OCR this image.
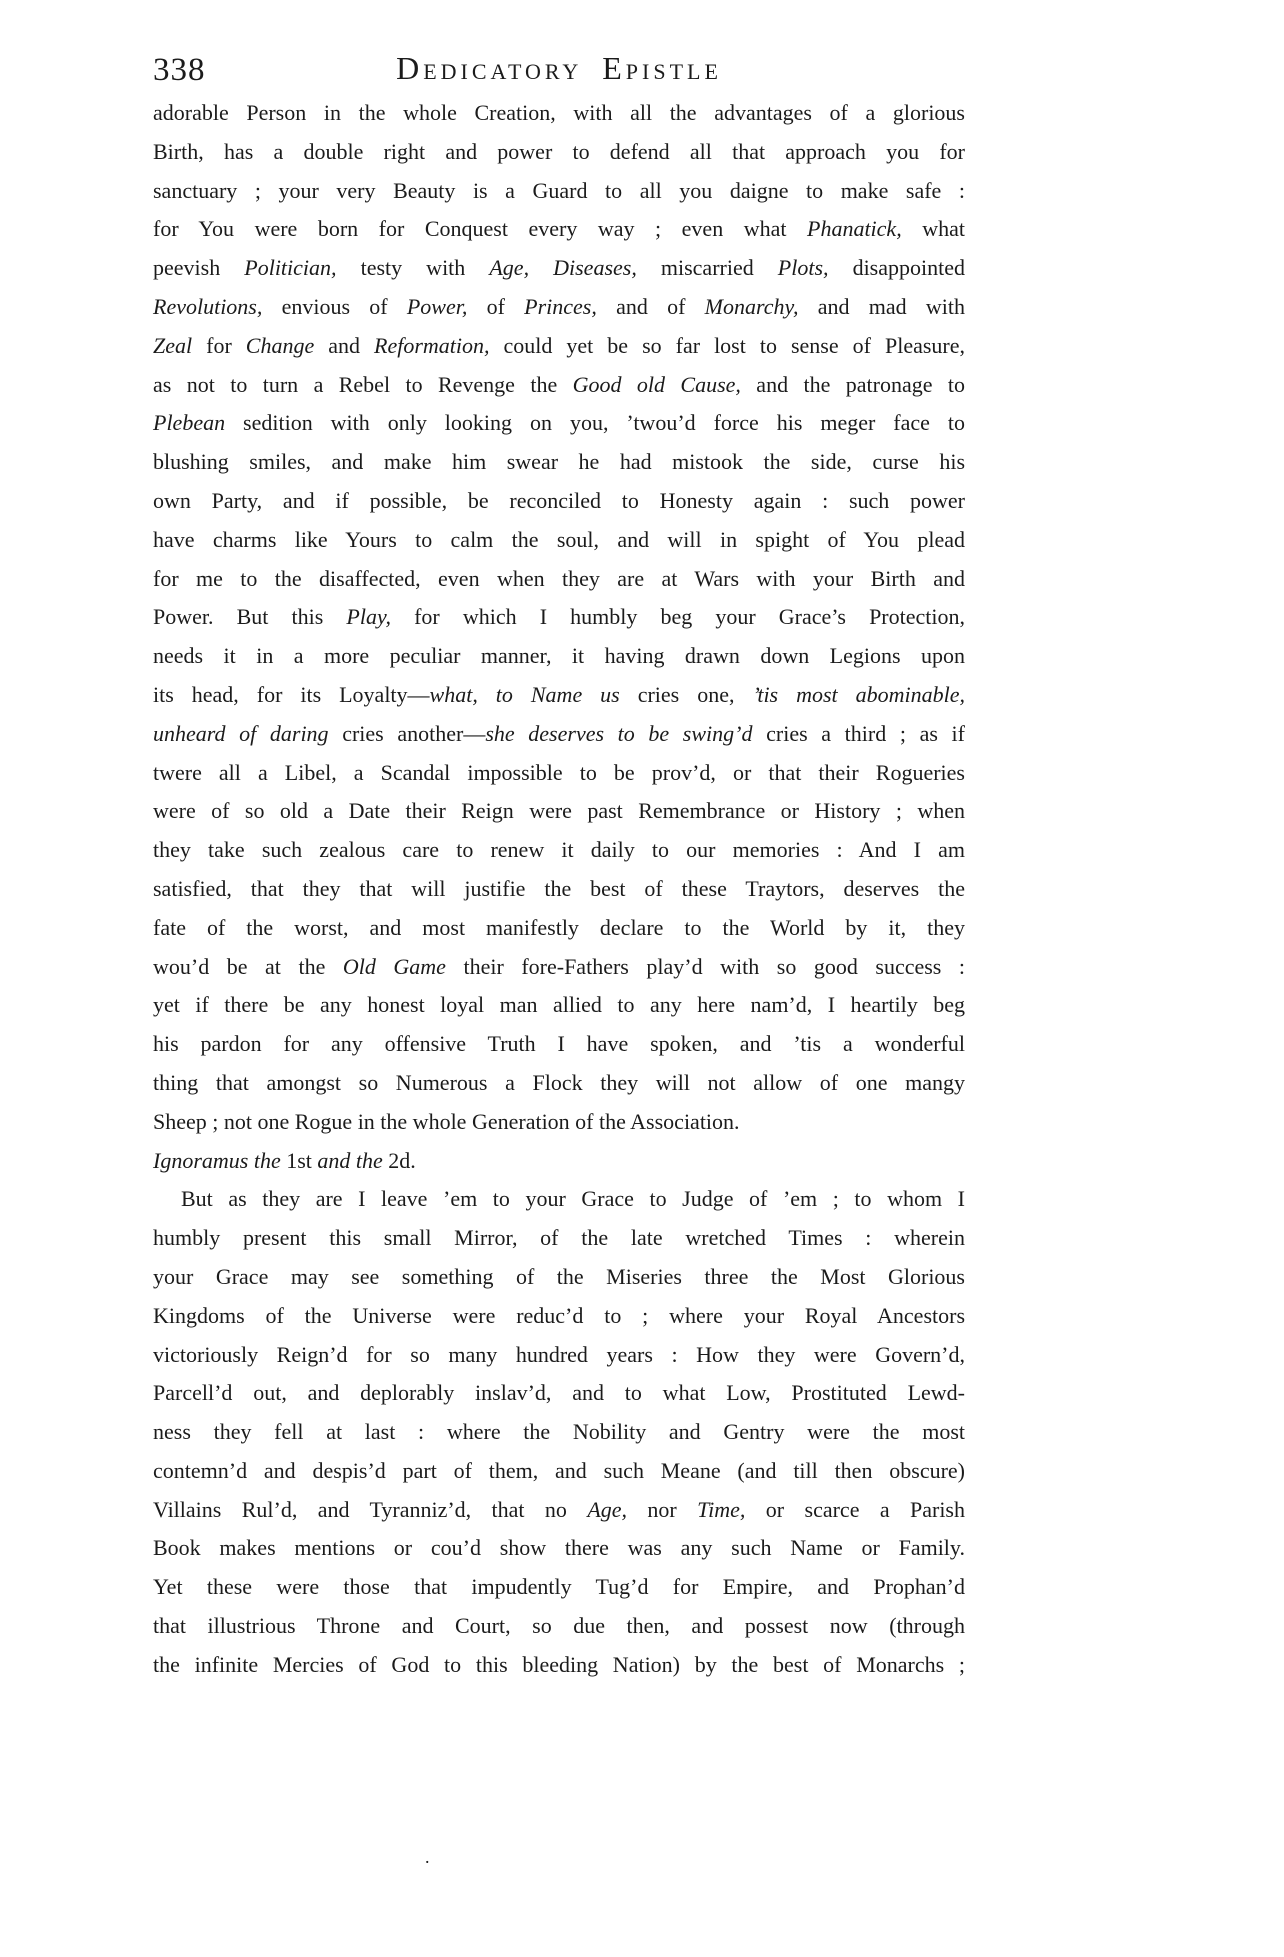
338	Dedicatory Epistle
adorable Person in the whole Creation, with all the advantages of a glorious
Birth, has a double right and power to defend all that approach you for
sanctuary ; your very Beauty is a Guard to all you daigne to make safe :
for You were born for Conquest every way ; even what Phanatick, what
peevish Politician, testy with Age, Diseases, miscarried Plots, disappointed
Revolutions, envious of Power, of Princes, and of Monarchy, and mad with
Zeal for Change and Reformation, could yet be so far lost to sense of Pleasure,
as not to turn a Rebel to Revenge the Good old Cause, and the patronage to
Plebean sedition with only looking on you, ’twou’d force his meger face to
blushing smiles, and make him swear he had mistook the side, curse his
own Party, and if possible, be reconciled to Honesty again : such power
have charms like Yours to calm the soul, and will in spight of You plead
for me to the disaffected, even when they are at Wars with your Birth and
Power. But this Play, for which I humbly beg your Grace’s Protection,
needs it in a more peculiar manner, it having drawn down Legions upon
its head, for its Loyalty—what, to Name us cries one, ’tis most abominable,
unheard of daring cries another—she deserves to be swing’d cries a third ; as if
twere all a Libel, a Scandal impossible to be prov’d, or that their Rogueries
were of so old a Date their Reign were past Remembrance or History ; when
they take such zealous care to renew it daily to our memories : And I am
satisfied, that they that will justifie the best of these Traytors, deserves the
fate of the worst, and most manifestly declare to the World by it, they
wou’d be at the Old Game their fore-Fathers play’d with so good success :
yet if there be any honest loyal man allied to any here nam’d, I heartily beg
his pardon for any offensive Truth I have spoken, and ’tis a wonderful
thing that amongst so Numerous a Flock they will not allow of one mangy
Sheep ; not one Rogue in the whole Generation of the Association.
Ignoramus the 1st and the 2d.
But as they are I leave ’em to your Grace to Judge of ’em ; to whom I
humbly present this small Mirror, of the late wretched Times : wherein
your Grace may see something of the Miseries three the Most Glorious
Kingdoms of the Universe were reduc’d to ; where your Royal Ancestors
victoriously Reign’d for so many hundred years : How they were Govern’d,
Parcell’d out, and deplorably inslav’d, and to what Low, Prostituted Lewd-
ness they fell at last : where the Nobility and Gentry were the most
contemn’d and despis’d part of them, and such Meane (and till then obscure)
Villains Rul’d, and Tyranniz’d, that no Age, nor Time, or scarce a Parish
Book makes mentions or cou’d show there was any such Name or Family.
Yet these were those that impudently Tug’d for Empire, and Prophan’d
that illustrious Throne and Court, so due then, and possest now (through
the infinite Mercies of God to this bleeding Nation) by the best of Monarchs ;
.
